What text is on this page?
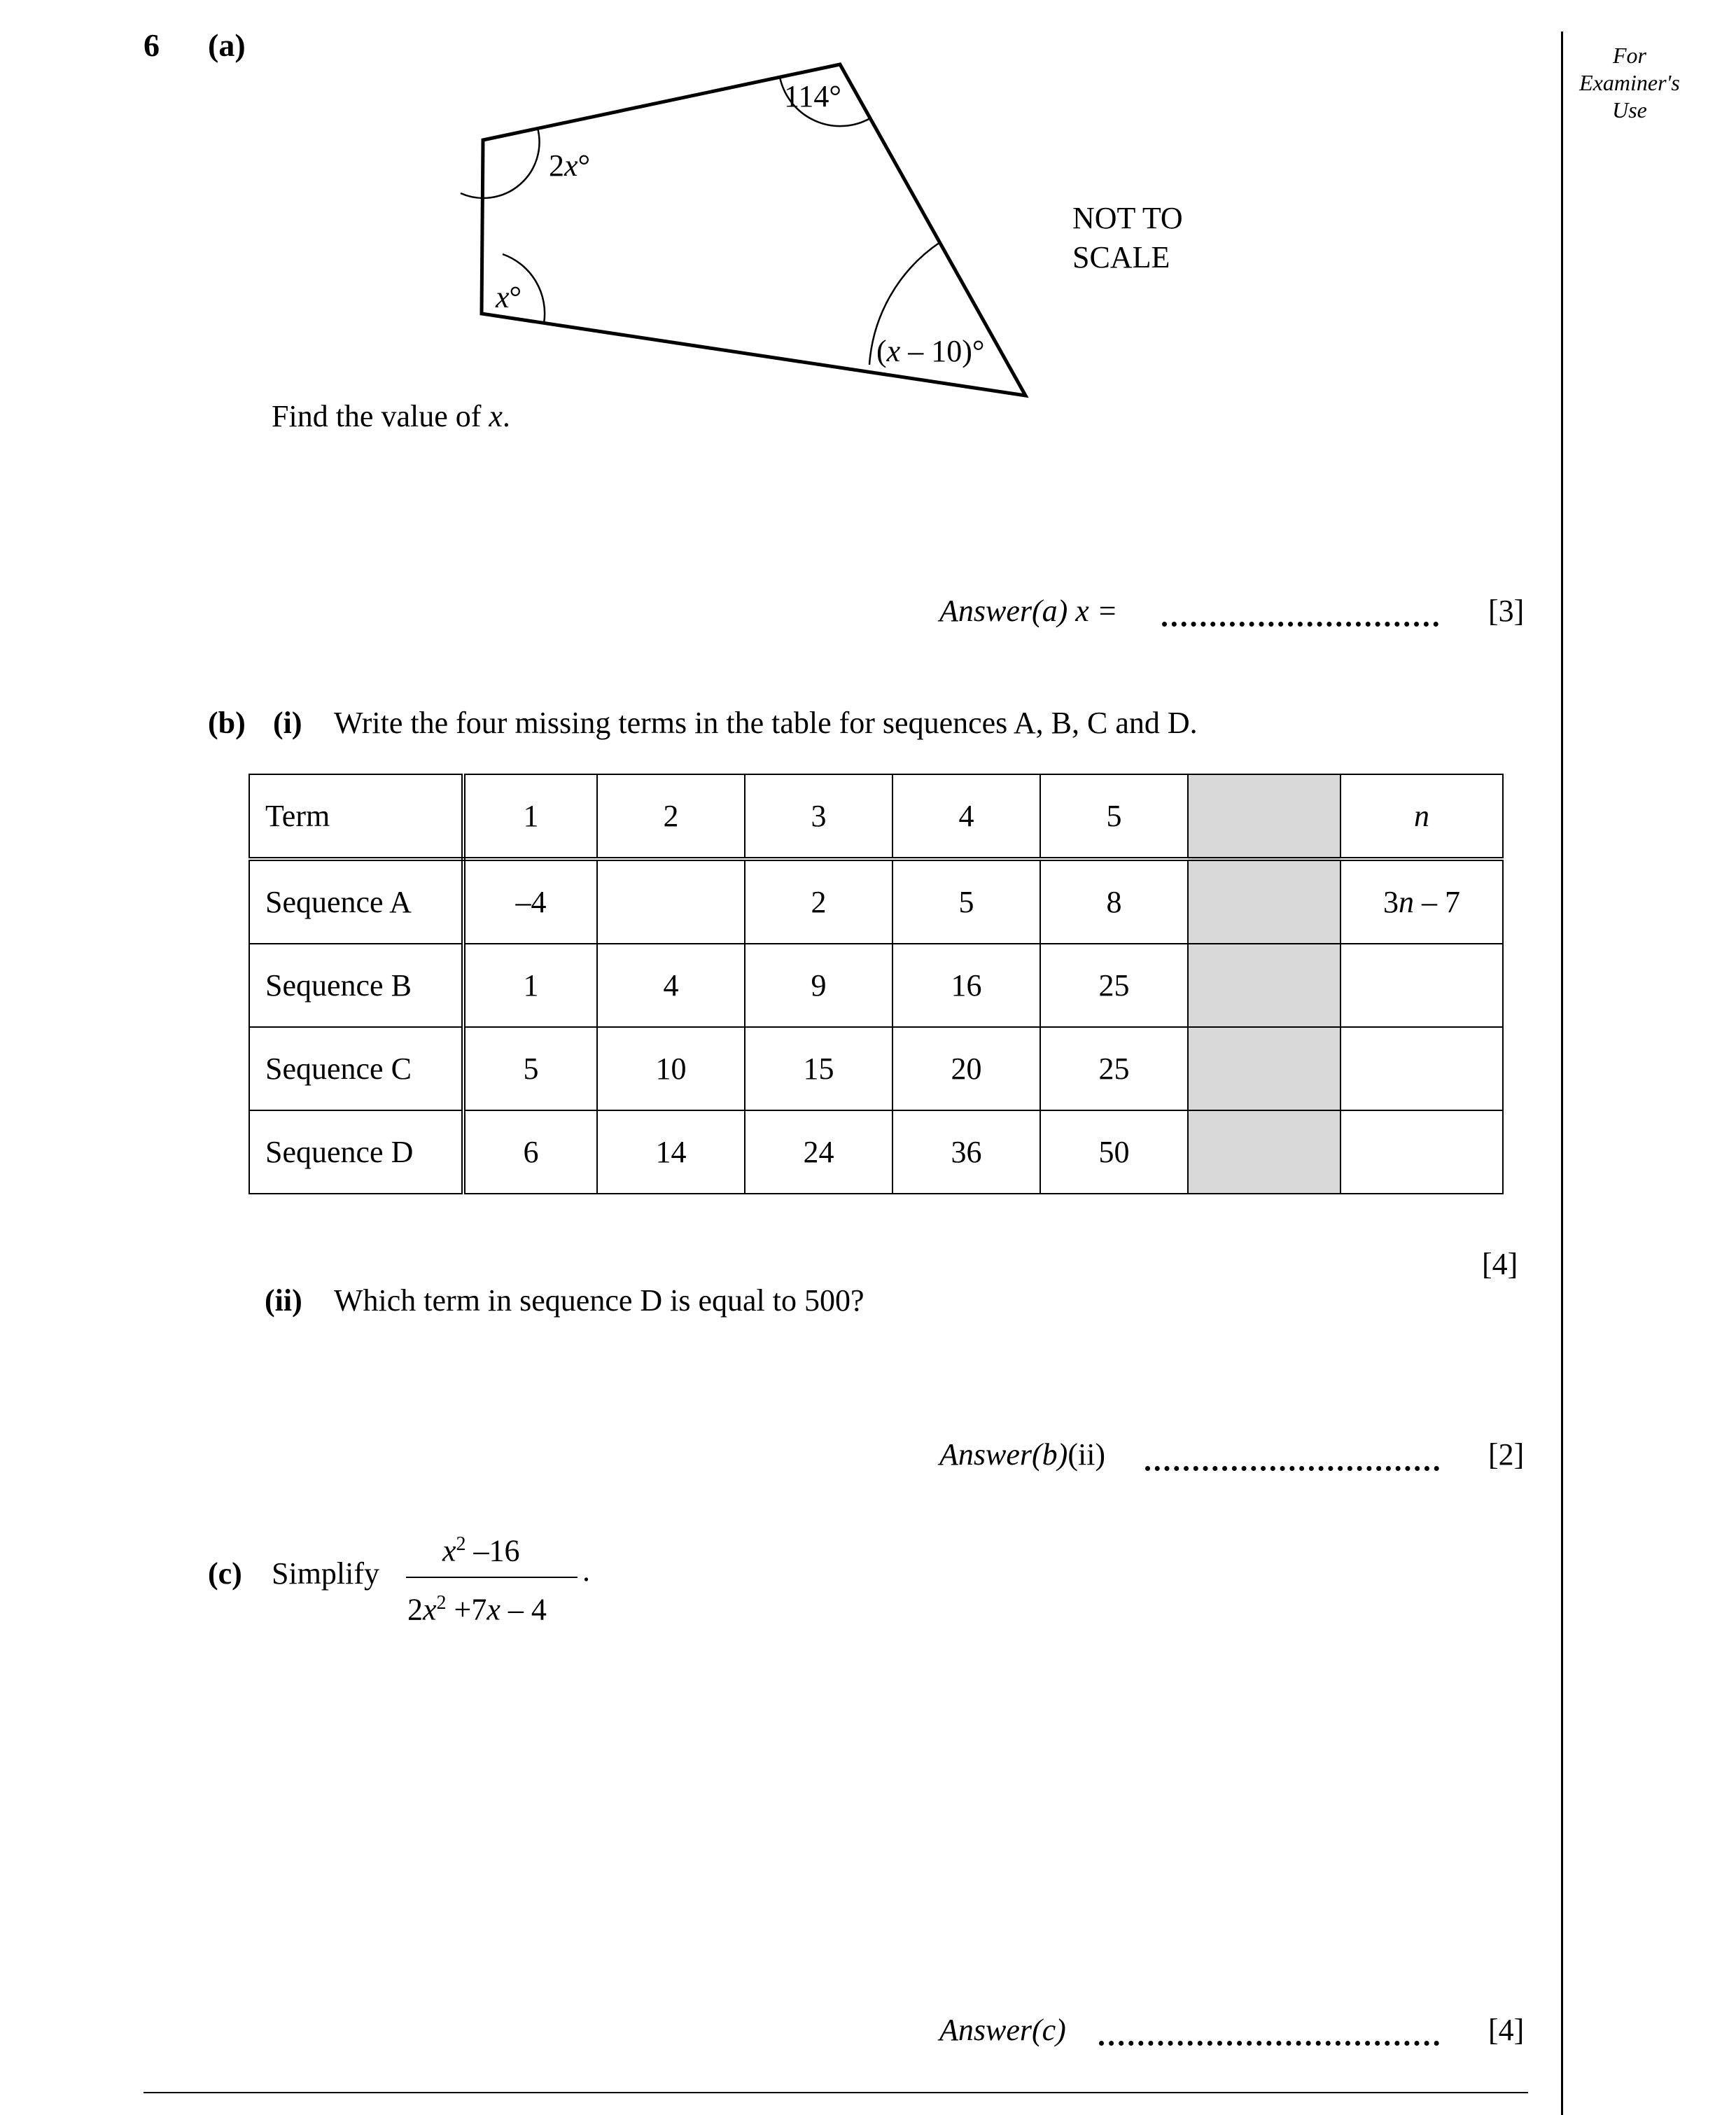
For
Examiner's
Use
6 (a)
2x°
114°
x°
(x – 10)°
NOT TO
SCALE
Find the value of x.
Answer(a) x =	[3]
(b) (i) Write the four missing terms in the table for sequences A, B, C and D.
Term	1	2	3	4	5		n
Sequence A	–4		2	5	8		3n – 7
Sequence B	1	4	9	16	25		
Sequence C	5	10	15	20	25		
Sequence D	6	14	24	36	50		
[4]
(ii) Which term in sequence D is equal to 500?
Answer(b)(ii)	[2]
(c) Simplify
$x^2$ –16
$2x^2 +7x - 4$
.
Answer(c)	[4]
